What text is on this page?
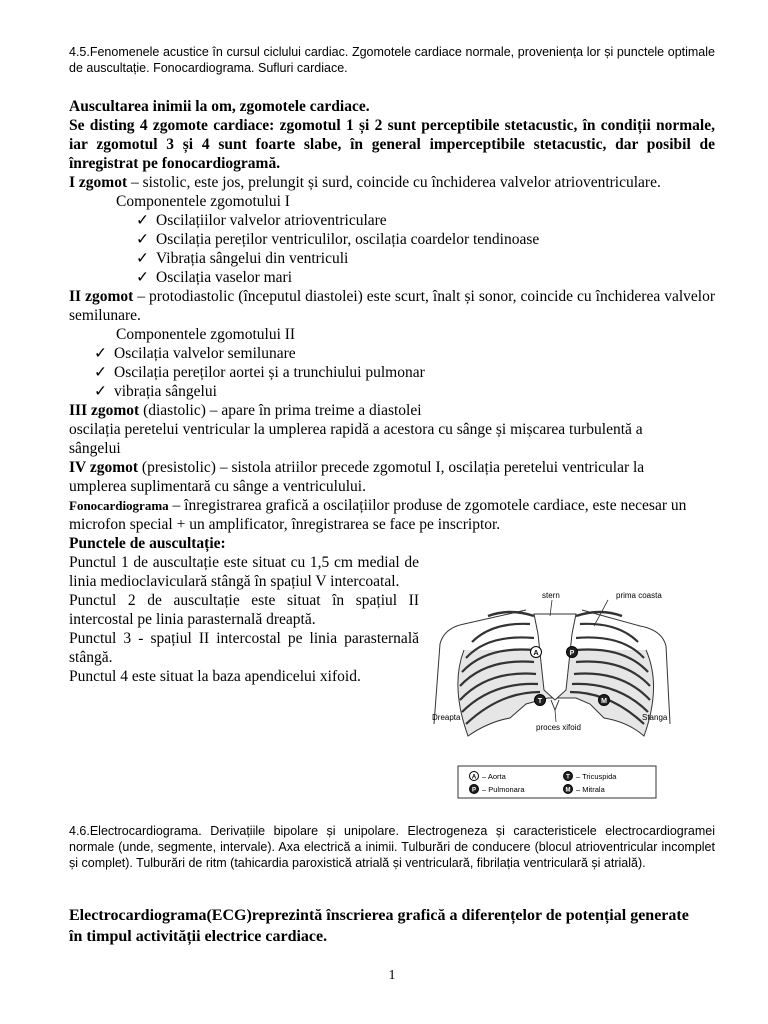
4.5.Fenomenele acustice în cursul ciclului cardiac. Zgomotele cardiace normale, proveniența lor și punctele optimale de auscultație. Fonocardiograma. Sufluri cardiace.
Auscultarea inimii la om, zgomotele cardiace.
Se disting 4 zgomote cardiace: zgomotul 1 și 2 sunt perceptibile stetacustic, în condiții normale, iar zgomotul 3 și 4 sunt foarte slabe, în general imperceptibile stetacustic, dar posibil de înregistrat pe fonocardiogramă.
I zgomot – sistolic, este jos, prelungit și surd, coincide cu închiderea valvelor atrioventriculare.
Componentele zgomotului I
✓ Oscilațiilor valvelor atrioventriculare
✓ Oscilația pereților ventriculilor, oscilația coardelor tendinoase
✓ Vibrația sângelui din ventriculi
✓ Oscilația vaselor mari
II zgomot – protodiastolic (începutul diastolei) este scurt, înalt și sonor, coincide cu închiderea valvelor semilunare.
Componentele zgomotului II
✓ Oscilația valvelor semilunare
✓ Oscilația pereților aortei și a trunchiului pulmonar
✓ vibrația sângelui
III zgomot (diastolic) – apare în prima treime a diastolei
oscilația peretelui ventricular la umplerea rapidă a acestora cu sânge și mișcarea turbulentă a sângelui
IV zgomot (presistolic) – sistola atriilor precede zgomotul I, oscilația peretelui ventricular la umplerea suplimentară cu sânge a ventriculului.
Fonocardiograma – înregistrarea grafică a oscilațiilor produse de zgomotele cardiace, este necesar un microfon special + un amplificator, înregistrarea se face pe inscriptor.
Punctele de auscultație:
Punctul 1 de auscultație este situat cu 1,5 cm medial de linia medioclaviculară stângă în spațiul V intercoatal.
Punctul 2 de auscultație este situat în spațiul II intercostal pe linia parasternală dreaptă.
Punctul 3 - spațiul II intercostal pe linia parasternală stângă.
Punctul 4 este situat la baza apendicelui xifoid.
stern	prima coasta
Dreapta	Stanga
proces xifoid
A	P
T	M
A – Aorta
P – Pulmonara
T – Tricuspida
M – Mitrala
4.6.Electrocardiograma. Derivațiile bipolare și unipolare. Electrogeneza și caracteristicele electrocardiogramei normale (unde, segmente, intervale). Axa electrică a inimii. Tulburări de conducere (blocul atrioventricular incomplet și complet). Tulburări de ritm (tahicardia paroxistică atrială și ventriculară, fibrilația ventriculară și atrială).
Electrocardiograma(ECG)reprezintă înscrierea grafică a diferențelor de potențial generate în timpul activității electrice cardiace.
1
